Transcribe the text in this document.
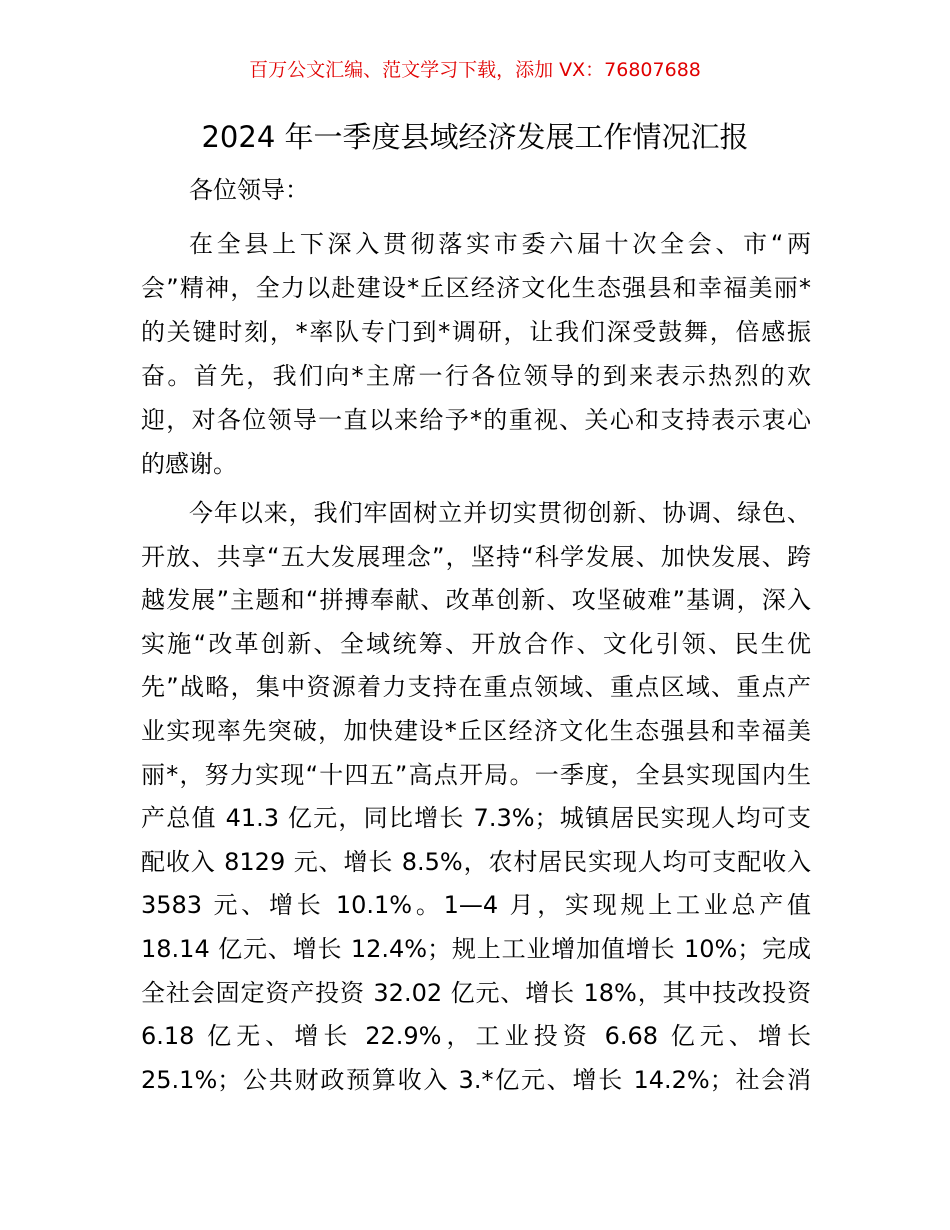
百万公文汇编、范文学习下载，添加 VX：76807688
2024 年一季度县域经济发展工作情况汇报
各位领导：
在全县上下深入贯彻落实市委六届十次全会、市“两
会”精神，全力以赴建设*丘区经济文化生态强县和幸福美丽*
的关键时刻，*率队专门到*调研，让我们深受鼓舞，倍感振
奋。首先，我们向*主席一行各位领导的到来表示热烈的欢
迎，对各位领导一直以来给予*的重视、关心和支持表示衷心
的感谢。
今年以来，我们牢固树立并切实贯彻创新、协调、绿色、
开放、共享“五大发展理念”，坚持“科学发展、加快发展、跨
越发展”主题和“拼搏奉献、改革创新、攻坚破难”基调，深入
实施“改革创新、全域统筹、开放合作、文化引领、民生优
先”战略，集中资源着力支持在重点领域、重点区域、重点产
业实现率先突破，加快建设*丘区经济文化生态强县和幸福美
丽*，努力实现“十四五”高点开局。一季度，全县实现国内生
产总值 41.3 亿元，同比增长 7.3%；城镇居民实现人均可支
配收入 8129 元、增长 8.5%，农村居民实现人均可支配收入
3583 元、增长 10.1%。1—4 月，实现规上工业总产值
18.14 亿元、增长 12.4%；规上工业增加值增长 10%；完成
全社会固定资产投资 32.02 亿元、增长 18%，其中技改投资
6.18 亿无、增长 22.9%，工业投资 6.68 亿元、增长
25.1%；公共财政预算收入 3.*亿元、增长 14.2%；社会消
